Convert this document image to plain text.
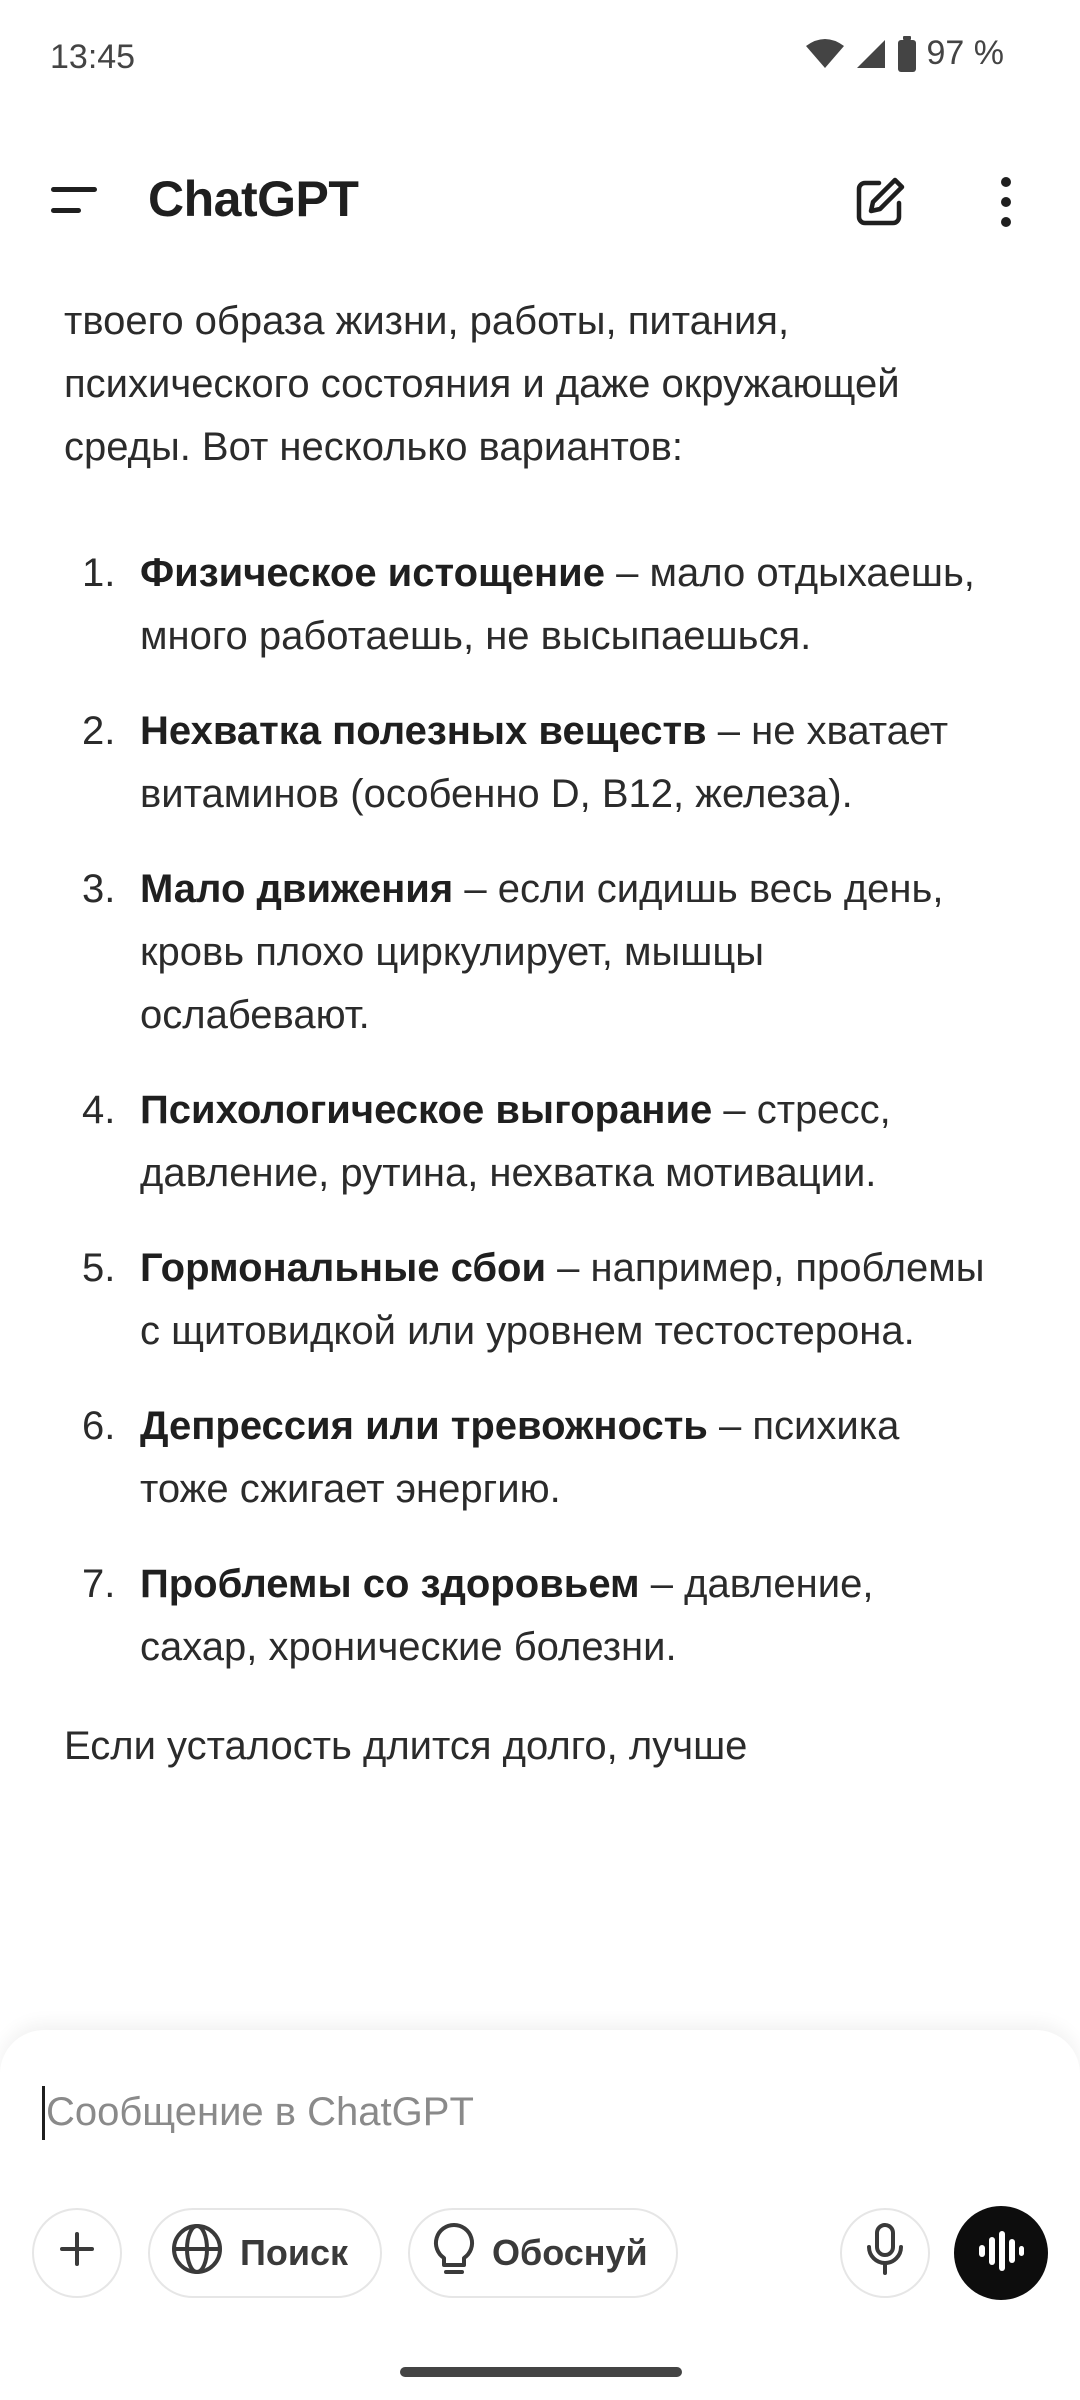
13:45	97 %
ChatGPT

твоего образа жизни, работы, питания, психического состояния и даже окружающей среды. Вот несколько вариантов:

1. Физическое истощение – мало отдыхаешь, много работаешь, не высыпаешься.
2. Нехватка полезных веществ – не хватает витаминов (особенно D, B12, железа).
3. Мало движения – если сидишь весь день, кровь плохо циркулирует, мышцы ослабевают.
4. Психологическое выгорание – стресс, давление, рутина, нехватка мотивации.
5. Гормональные сбои – например, проблемы с щитовидкой или уровнем тестостерона.
6. Депрессия или тревожность – психика тоже сжигает энергию.
7. Проблемы со здоровьем – давление, сахар, хронические болезни.

Если усталость длится долго, лучше

Сообщение в ChatGPT
Поиск	Обоснуй
